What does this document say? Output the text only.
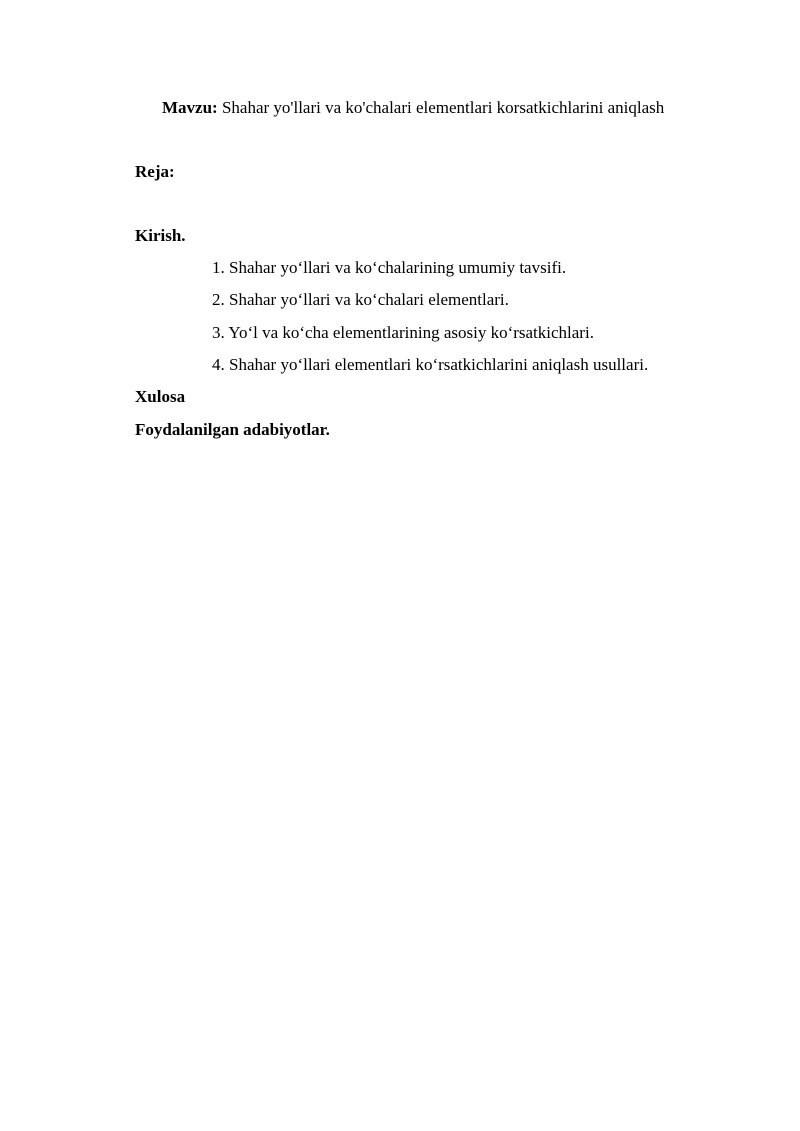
Mavzu: Shahar yo'llari va ko'chalari elementlari korsatkichlarini aniqlash
Reja:
Kirish.
1. Shahar yo‘llari va ko‘chalarining umumiy tavsifi.
2. Shahar yo‘llari va ko‘chalari elementlari.
3. Yo‘l va ko‘cha elementlarining asosiy ko‘rsatkichlari.
4. Shahar yo‘llari elementlari ko‘rsatkichlarini aniqlash usullari.
Xulosa
Foydalanilgan adabiyotlar.
